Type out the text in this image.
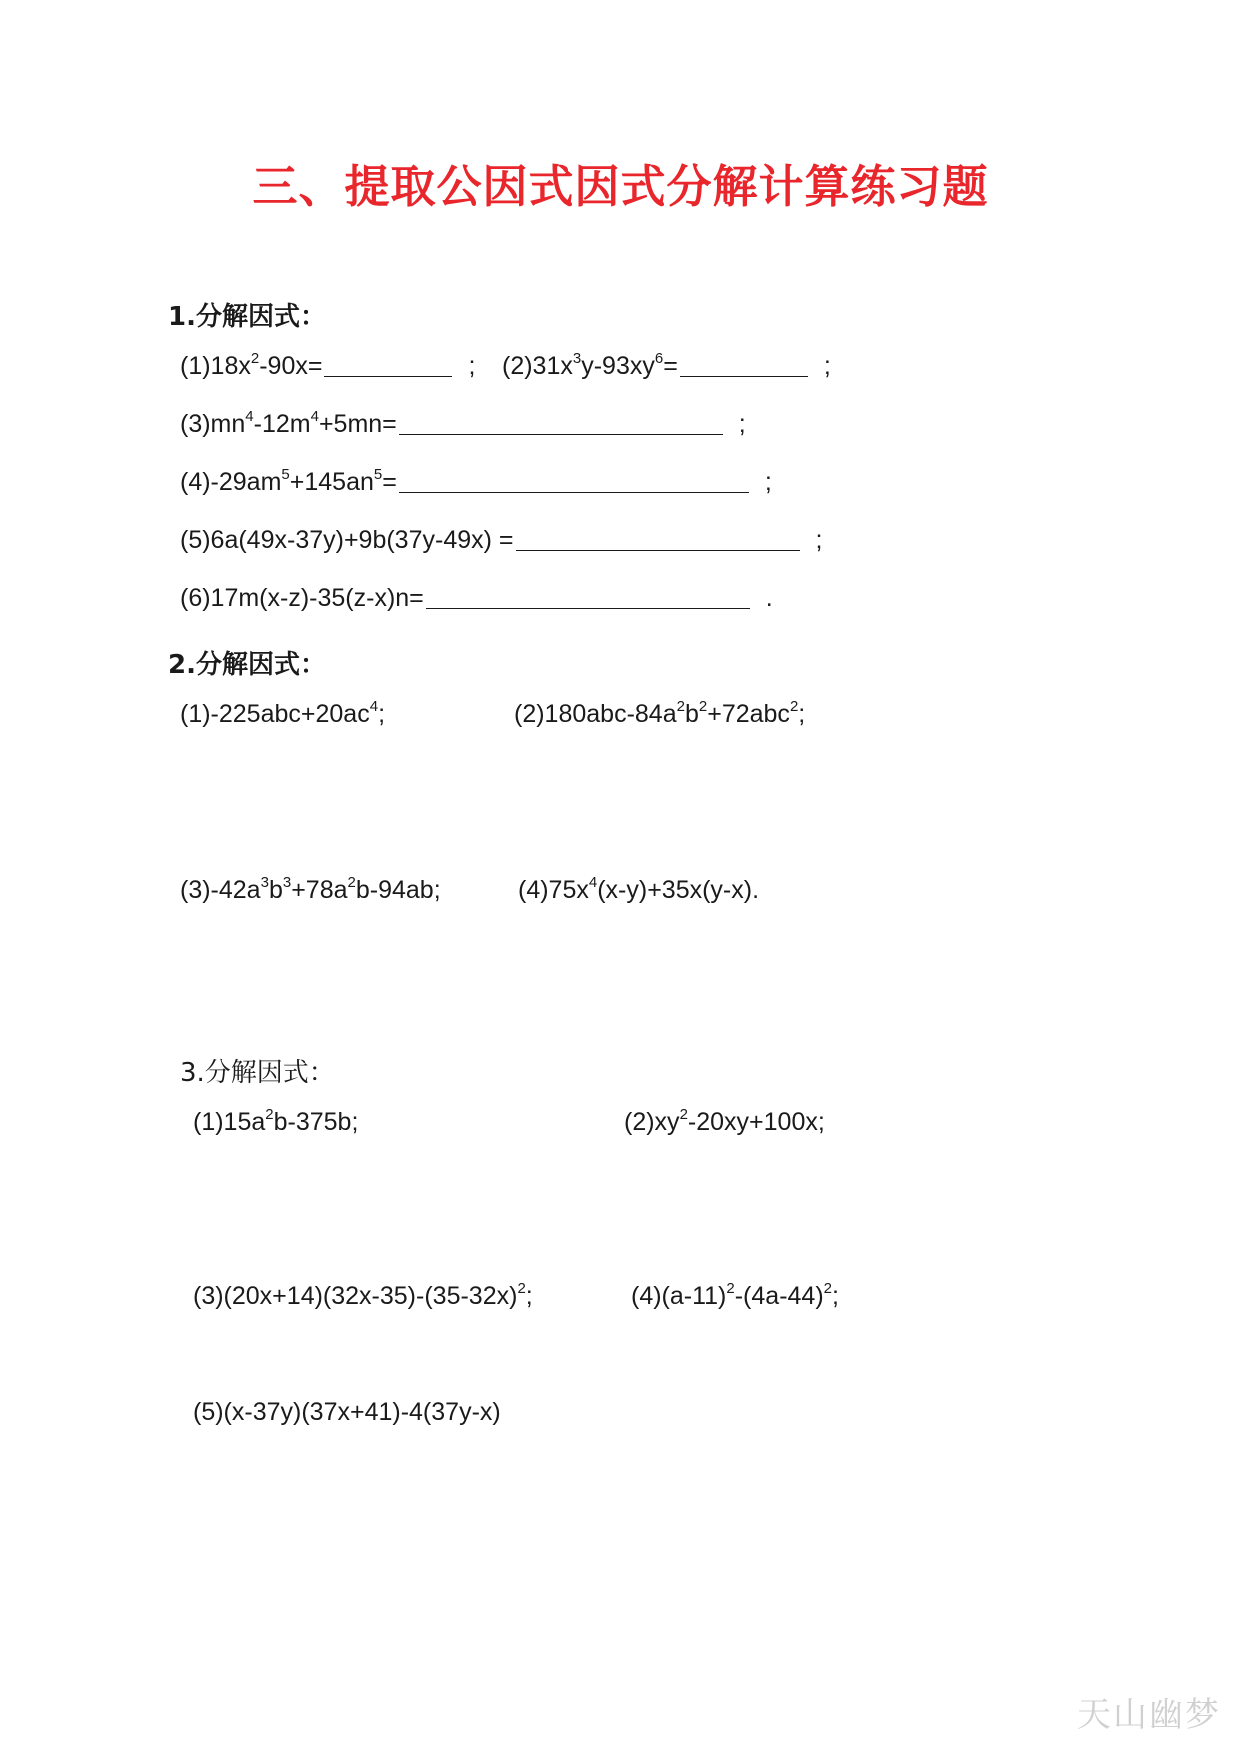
三、提取公因式因式分解计算练习题
1.分解因式：
$(1)18x^2-90x=$	; $(2)31x^3y-93xy^6=$	;
$(3)mn^4-12m^4+5mn=$	;
$(4)-29am^5+145an^5=$	;
(5)6a(49x-37y)+9b(37y-49x) =	;
(6)17m(x-z)-35(z-x)n=	.
2.分解因式：
$(1)-225abc+20ac^4$;	$(2)180abc-84a^2b^2+72abc^2$;
$(3)-42a^3b^3+78a^2b-94ab$;	$(4)75x^4(x-y)+35x(y-x)$.
3.分解因式：
$(1)15a^2b-375b$;	$(2)xy^2-20xy+100x$;
$(3)(20x+14)(32x-35)-(35-32x)^2$;	$(4)(a-11)^2-(4a-44)^2$;
(5)(x-37y)(37x+41)-4(37y-x)
天山幽梦
